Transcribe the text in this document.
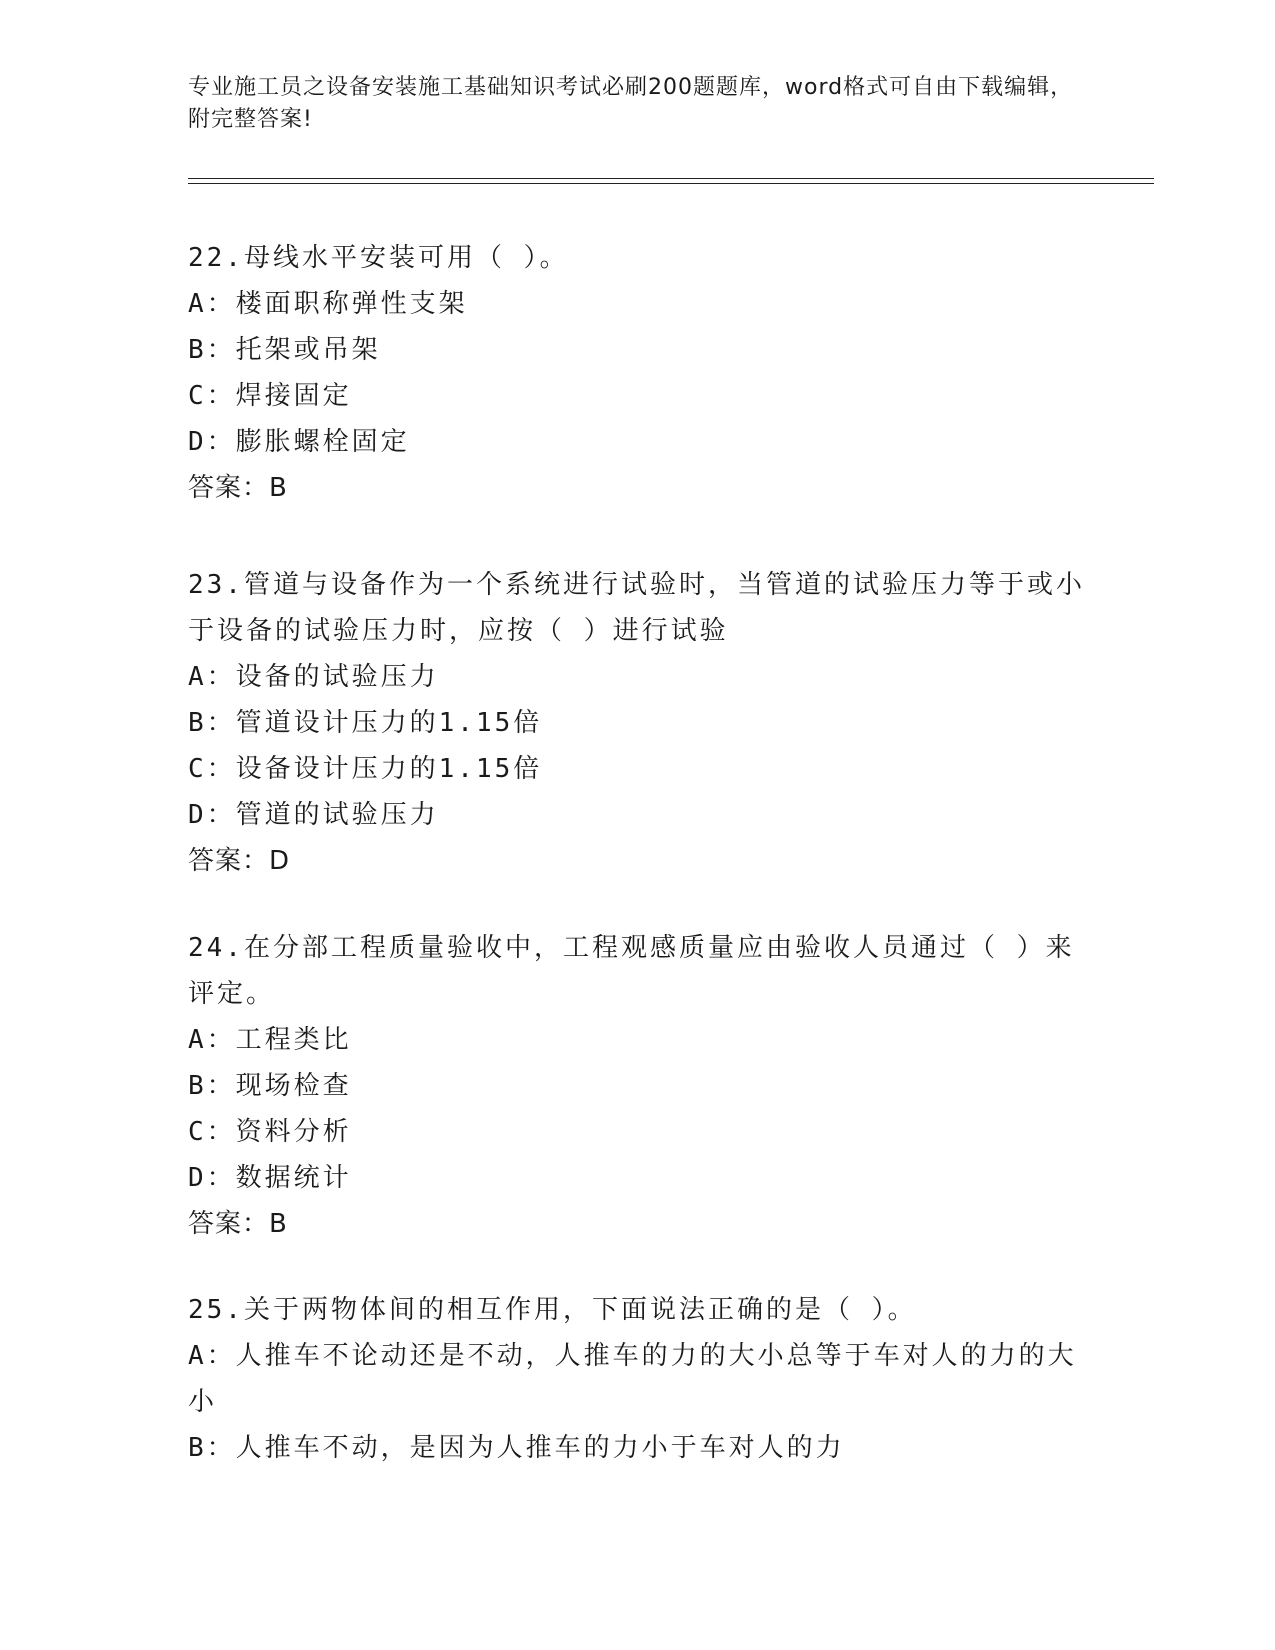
专业施工员之设备安装施工基础知识考试必刷200题题库，word格式可自由下载编辑，附完整答案!
22.母线水平安装可用（ ）。
A：楼面职称弹性支架
B：托架或吊架
C：焊接固定
D：膨胀螺栓固定
答案：B
23.管道与设备作为一个系统进行试验时，当管道的试验压力等于或小
于设备的试验压力时，应按（ ）进行试验
A：设备的试验压力
B：管道设计压力的1.15倍
C：设备设计压力的1.15倍
D：管道的试验压力
答案：D
24.在分部工程质量验收中，工程观感质量应由验收人员通过（ ）来
评定。
A：工程类比
B：现场检查
C：资料分析
D：数据统计
答案：B
25.关于两物体间的相互作用，下面说法正确的是（ ）。
A：人推车不论动还是不动，人推车的力的大小总等于车对人的力的大
小
B：人推车不动，是因为人推车的力小于车对人的力
